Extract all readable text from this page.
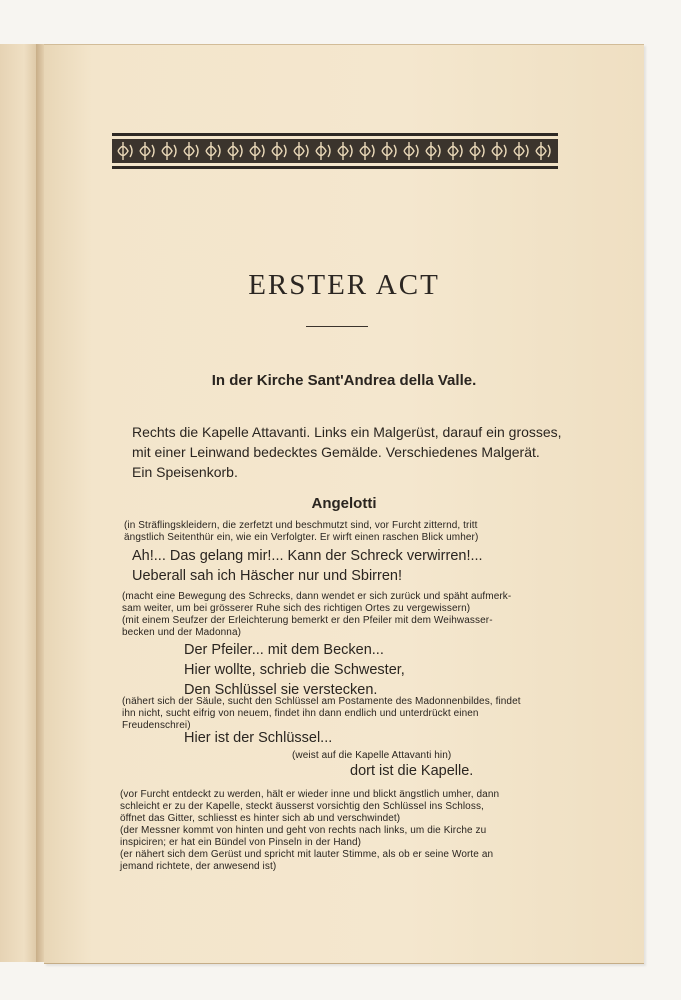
ERSTER ACT
In der Kirche Sant'Andrea della Valle.
Rechts die Kapelle Attavanti. Links ein Malgerüst, darauf ein grosses,
mit einer Leinwand bedecktes Gemälde. Verschiedenes Malgerät.
Ein Speisenkorb.
Angelotti
(in Sträflingskleidern, die zerfetzt und beschmutzt sind, vor Furcht zitternd, tritt
ängstlich Seitenthür ein, wie ein Verfolgter. Er wirft einen raschen Blick umher)
Ah!... Das gelang mir!... Kann der Schreck verwirren!...
Ueberall sah ich Häscher nur und Sbirren!
(macht eine Bewegung des Schrecks, dann wendet er sich zurück und späht aufmerk-
sam weiter, um bei grösserer Ruhe sich des richtigen Ortes zu vergewissern)
(mit einem Seufzer der Erleichterung bemerkt er den Pfeiler mit dem Weihwasser-
becken und der Madonna)
Der Pfeiler... mit dem Becken...
Hier wollte, schrieb die Schwester,
Den Schlüssel sie verstecken.
(nähert sich der Säule, sucht den Schlüssel am Postamente des Madonnenbildes, findet
ihn nicht, sucht eifrig von neuem, findet ihn dann endlich und unterdrückt einen
Freudenschrei)
Hier ist der Schlüssel...
(weist auf die Kapelle Attavanti hin)
dort ist die Kapelle.
(vor Furcht entdeckt zu werden, hält er wieder inne und blickt ängstlich umher, dann
schleicht er zu der Kapelle, steckt äusserst vorsichtig den Schlüssel ins Schloss,
öffnet das Gitter, schliesst es hinter sich ab und verschwindet)
(der Messner kommt von hinten und geht von rechts nach links, um die Kirche zu
inspiciren; er hat ein Bündel von Pinseln in der Hand)
(er nähert sich dem Gerüst und spricht mit lauter Stimme, als ob er seine Worte an
jemand richtete, der anwesend ist)
